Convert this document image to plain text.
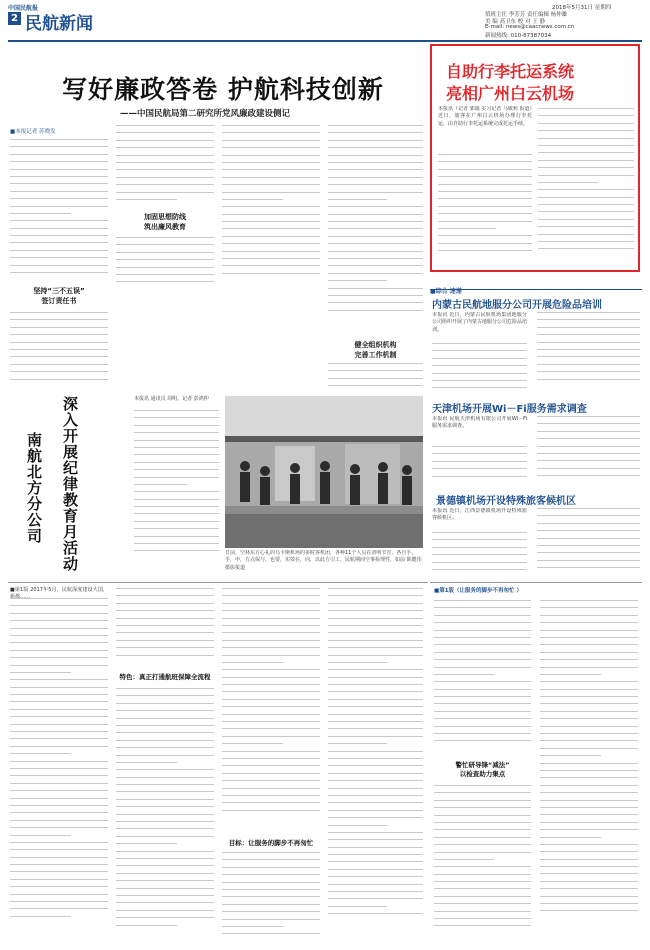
中国民航报
2 民航新闻
2018年5月31日 星期四
值班主任 李芳芳 责任编辑 杨仲雄
美 编 高卫东 校 对 王 静
E-mail: news@caacnews.com.cn
新闻热线: 010-87387034
写好廉政答卷 护航科技创新
——中国民航局第二研究所党风廉政建设侧记
■本报记者 苏晓发
坚持“三不五误”
签订责任书
加固思想防线
筑出廉风教育
健全组织机构
完善工作机制
自助行李托运系统
亮相广州白云机场
本报讯（记者 郭谡 实习记者 马敏莉 报道）近日，旅客在广州白云机场办理行李托运，由自助行李托运系统完成托运手续。
深入开展纪律教育月活动
南航北方分公司
本报讯 通讯员 周明、记者 彭鸿仲
日前，空林东方心礼的乌卡斯机场的多时客机团，各种11个人员在清明节宣，各自手，手，申，方点保与，也要，实效在，向，以此方引工，民航期间空事检理性，如前 陈健伟 摄影报道
■综合 速递
内蒙古民航地服分公司开展危险品培训
本报讯 近日，内蒙古民航机场集团地服分公司组织开展了内蒙古地服分公司危险品培训。
天津机场开展Wi－Fi服务需求调查
本报讯 民航天津机场有限公司开展Wi－Fi服务需求调查。
景德镇机场开设特殊旅客候机区
本报讯 近日，江西景德镇机场开设特殊旅客候机区。
■第1版 2017年5月，民航深度建设大国，
特色：真正打通航班保障全流程
目标：让服务的脚步不再匆忙
■第1版（让服务的脚步不再匆忙 ）
警忙研导锋“减法”
以检查助力集点
